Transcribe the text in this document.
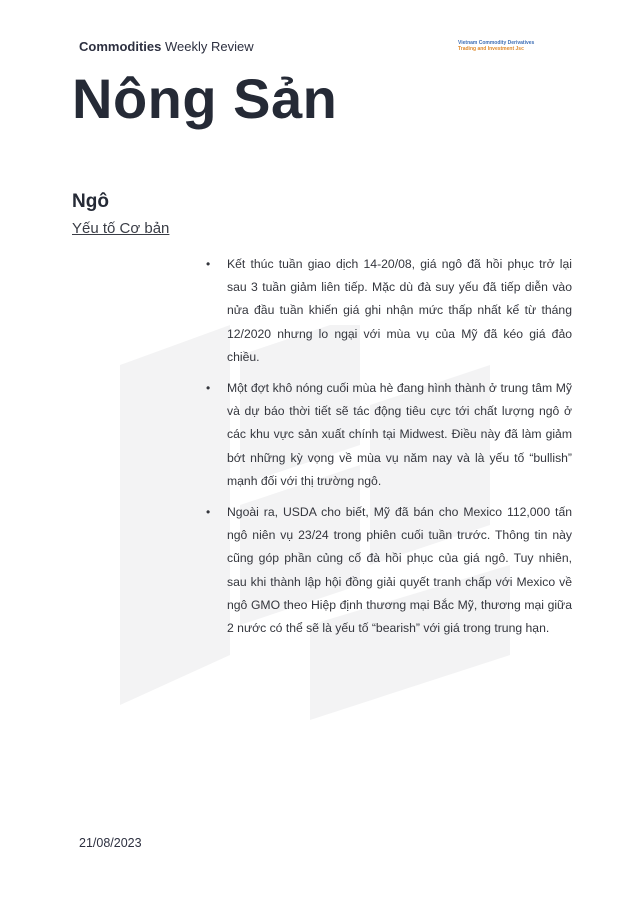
Commodities Weekly Review	Vietnam Commodity Derivatives
Trading and Investment Jsc
Nông Sản
Ngô
Yếu tố Cơ bản
• Kết thúc tuần giao dịch 14-20/08, giá ngô đã hồi phục trở lại sau 3 tuần giảm liên tiếp. Mặc dù đà suy yếu đã tiếp diễn vào nửa đầu tuần khiến giá ghi nhận mức thấp nhất kể từ tháng 12/2020 nhưng lo ngại với mùa vụ của Mỹ đã kéo giá đảo chiều.
• Một đợt khô nóng cuối mùa hè đang hình thành ở trung tâm Mỹ và dự báo thời tiết sẽ tác động tiêu cực tới chất lượng ngô ở các khu vực sản xuất chính tại Midwest. Điều này đã làm giảm bớt những kỳ vọng về mùa vụ năm nay và là yếu tố “bullish” mạnh đối với thị trường ngô.
• Ngoài ra, USDA cho biết, Mỹ đã bán cho Mexico 112,000 tấn ngô niên vụ 23/24 trong phiên cuối tuần trước. Thông tin này cũng góp phần củng cố đà hồi phục của giá ngô. Tuy nhiên, sau khi thành lập hội đồng giải quyết tranh chấp với Mexico về ngô GMO theo Hiệp định thương mại Bắc Mỹ, thương mại giữa 2 nước có thể sẽ là yếu tố “bearish” với giá trong trung hạn.
21/08/2023
